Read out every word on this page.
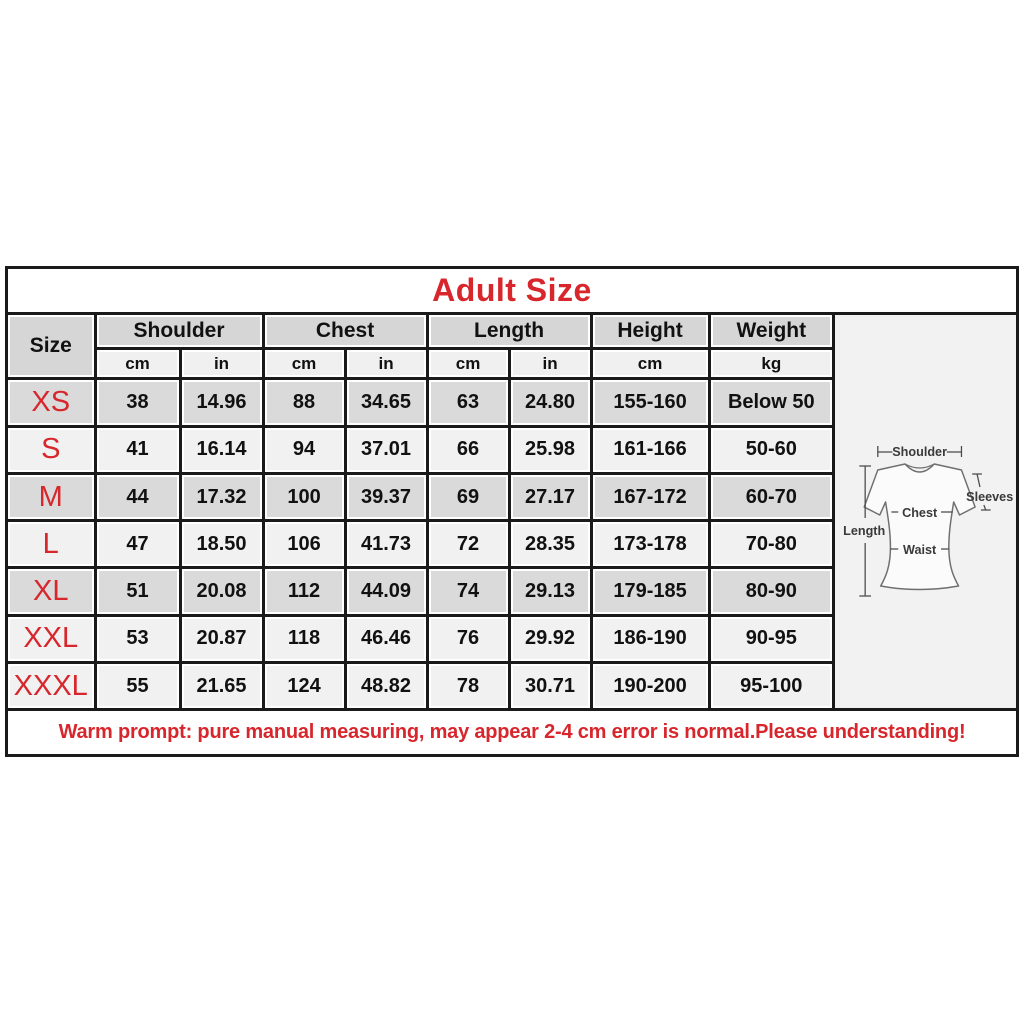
Adult Size
Size	Shoulder		Chest		Length		Height	Weight
	cm	in	cm	in	cm	in	cm	kg
XS	38	14.96	88	34.65	63	24.80	155-160	Below 50
S	41	16.14	94	37.01	66	25.98	161-166	50-60
M	44	17.32	100	39.37	69	27.17	167-172	60-70
L	47	18.50	106	41.73	72	28.35	173-178	70-80
XL	51	20.08	112	44.09	74	29.13	179-185	80-90
XXL	53	20.87	118	46.46	76	29.92	186-190	90-95
XXXL	55	21.65	124	48.82	78	30.71	190-200	95-100
Shoulder
Length
Chest
Waist
Sleeves
Warm prompt: pure manual measuring, may appear 2-4 cm error is normal.Please understanding!
